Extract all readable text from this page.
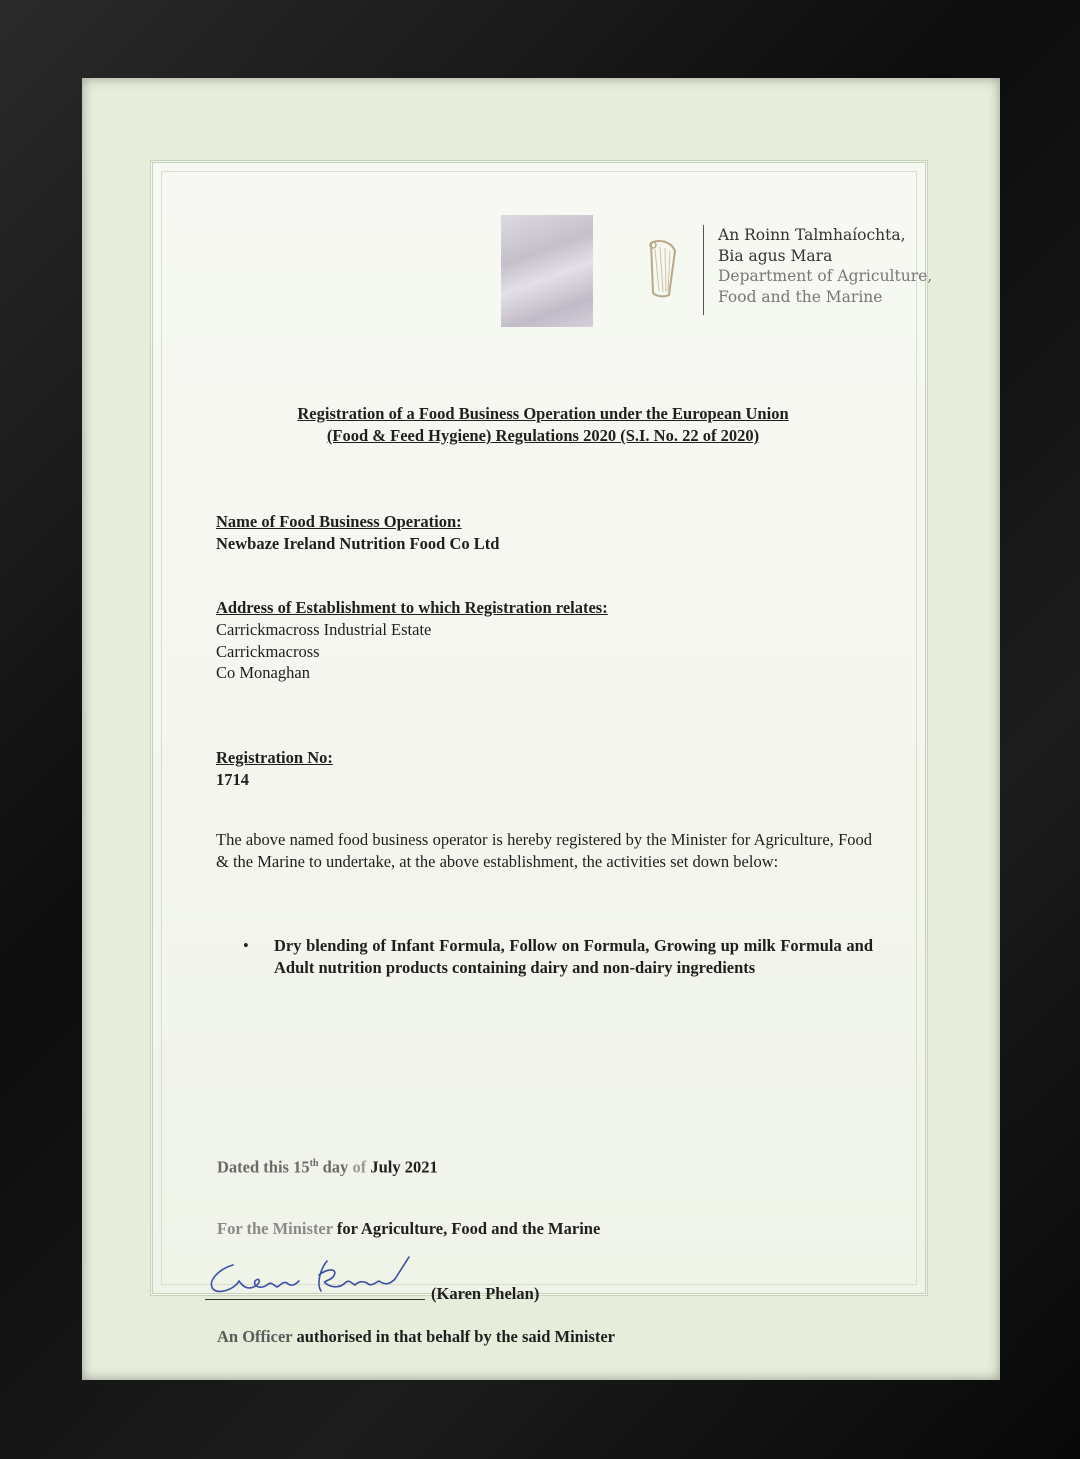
An Roinn Talmhaíochta,
Bia agus Mara
Department of Agriculture,
Food and the Marine
Registration of a Food Business Operation under the European Union
(Food & Feed Hygiene) Regulations 2020 (S.I. No. 22 of 2020)
Name of Food Business Operation:
Newbaze Ireland Nutrition Food Co Ltd
Address of Establishment to which Registration relates:
Carrickmacross Industrial Estate
Carrickmacross
Co Monaghan
Registration No:
1714
The above named food business operator is hereby registered by the Minister for Agriculture, Food & the Marine to undertake, at the above establishment, the activities set down below:
• Dry blending of Infant Formula, Follow on Formula, Growing up milk Formula and Adult nutrition products containing dairy and non-dairy ingredients
Dated this 15th day of July 2021
For the Minister for Agriculture, Food and the Marine
(Karen Phelan)
An Officer authorised in that behalf by the said Minister
